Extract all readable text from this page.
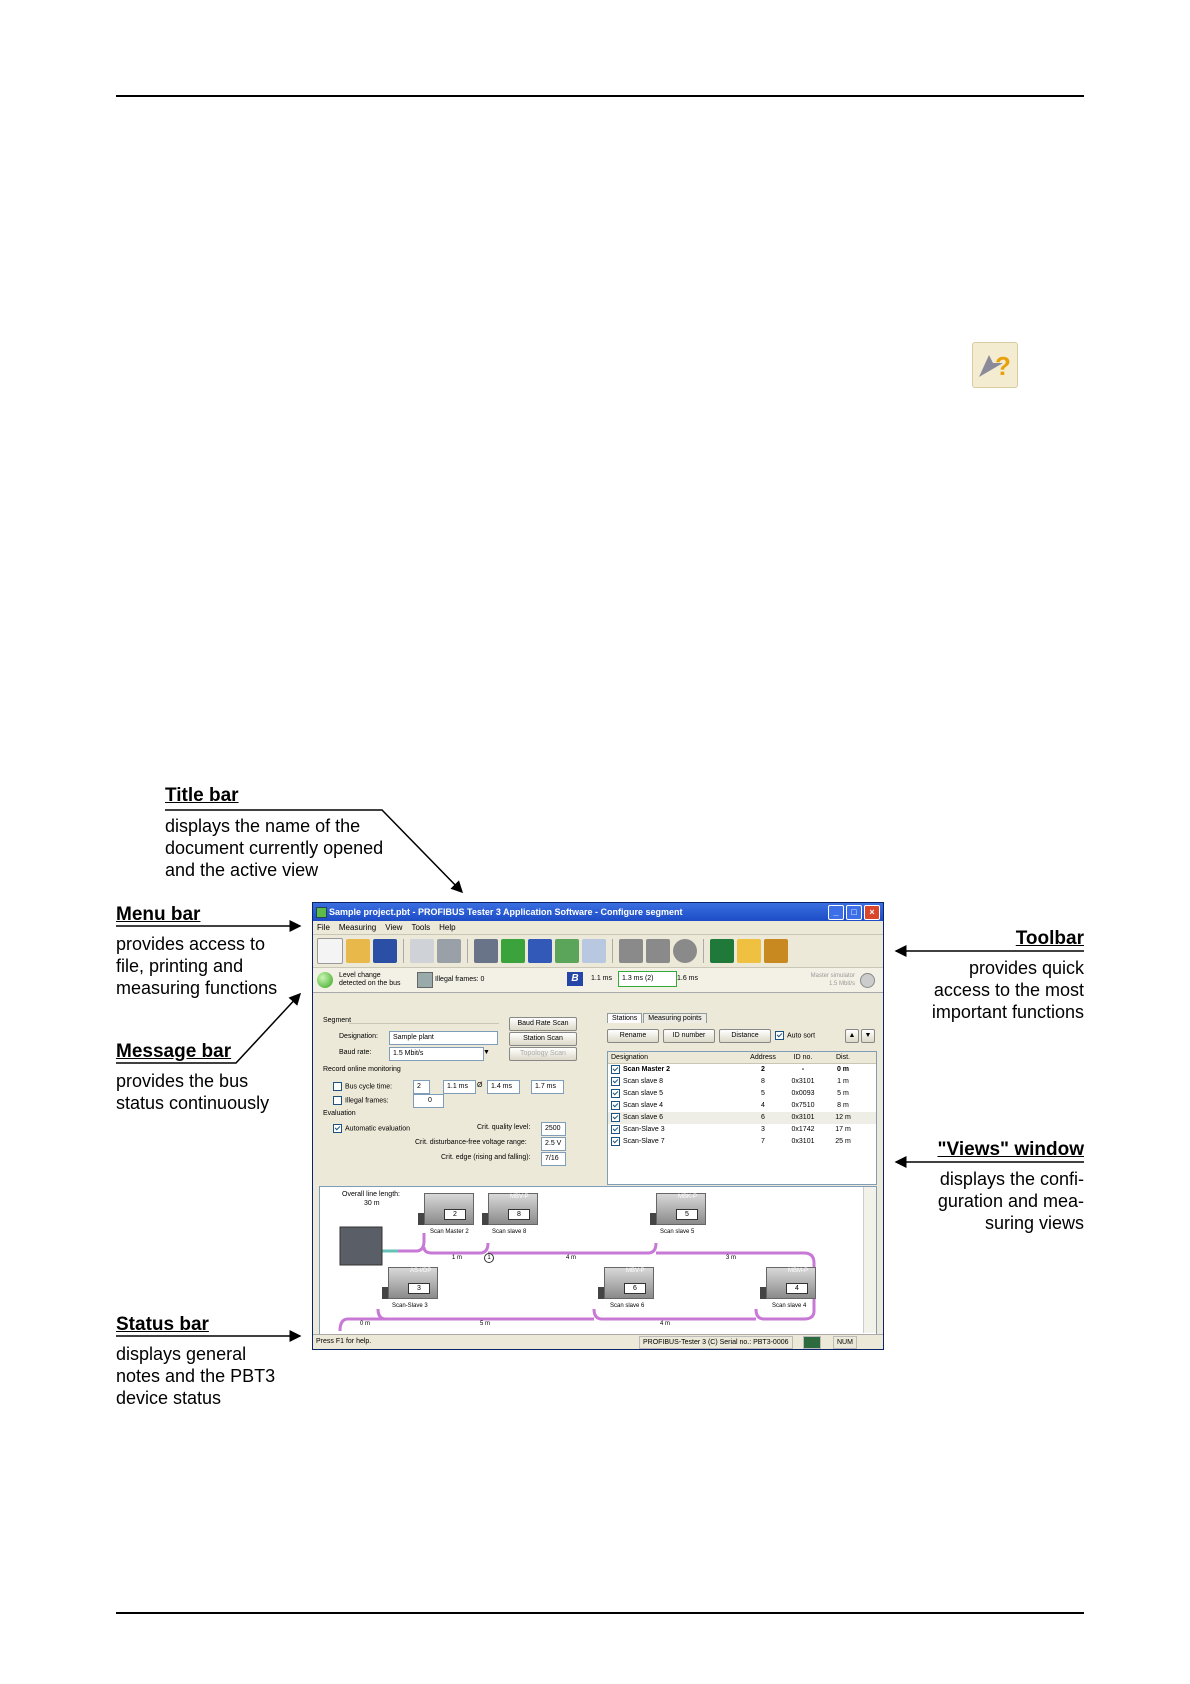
?
Title bar
displays the name of the
document currently opened
and the active view
Menu bar
provides access to
file, printing and
measuring functions
Message bar
provides the bus
status continuously
Status bar
displays general
notes and the PBT3
device status
Toolbar
provides quick
access to the most
important functions
"Views" window
displays the confi-
guration and mea-
suring views
Sample project.pbt - PROFIBUS Tester 3 Application Software - Configure segment	_	□	×
File Measuring View Tools Help
Level change
detected on the bus
Illegal frames: 0	B	1.1 ms	1.3 ms (2)	1.6 ms	Master simulator
1.5 Mbit/s
Segment
Designation:	Sample plant
Baud rate:	1.5 Mbit/s	▼
Baud Rate Scan
Station Scan
Topology Scan
Record online monitoring
Bus cycle time:	2	1.1 ms	Ø	1.4 ms	1.7 ms
Illegal frames:	0
Evaluation
Automatic evaluation	Crit. quality level:	2500
Crit. disturbance-free voltage range:	2.5 V
Crit. edge (rising and falling):	7/16
Stations	Measuring points
Rename	ID number	Distance	Auto sort	▲	▼
Designation	Address	ID no.	Dist.
Scan Master 2	2	-	0 m
Scan slave 8	8	0x3101	1 m
Scan slave 5	5	0x0093	5 m
Scan slave 4	4	0x7510	8 m
Scan slave 6	6	0x3101	12 m
Scan-Slave 3	3	0x1742	17 m
Scan-Slave 7	7	0x3101	25 m
Overall line length:
30 m
2
Scan Master 2
MBV-P
8
Scan slave 8
MBK-P
5
Scan slave 5
AS-i/DP
3
Scan-Slave 3
MBV-P
6
Scan slave 6
MBM-P
4
Scan slave 4
1 m	1	4 m	3 m
0 m	5 m	4 m
Press F1 for help.	PROFIBUS-Tester 3 (C) Serial no.: PBT3-0006	NUM
